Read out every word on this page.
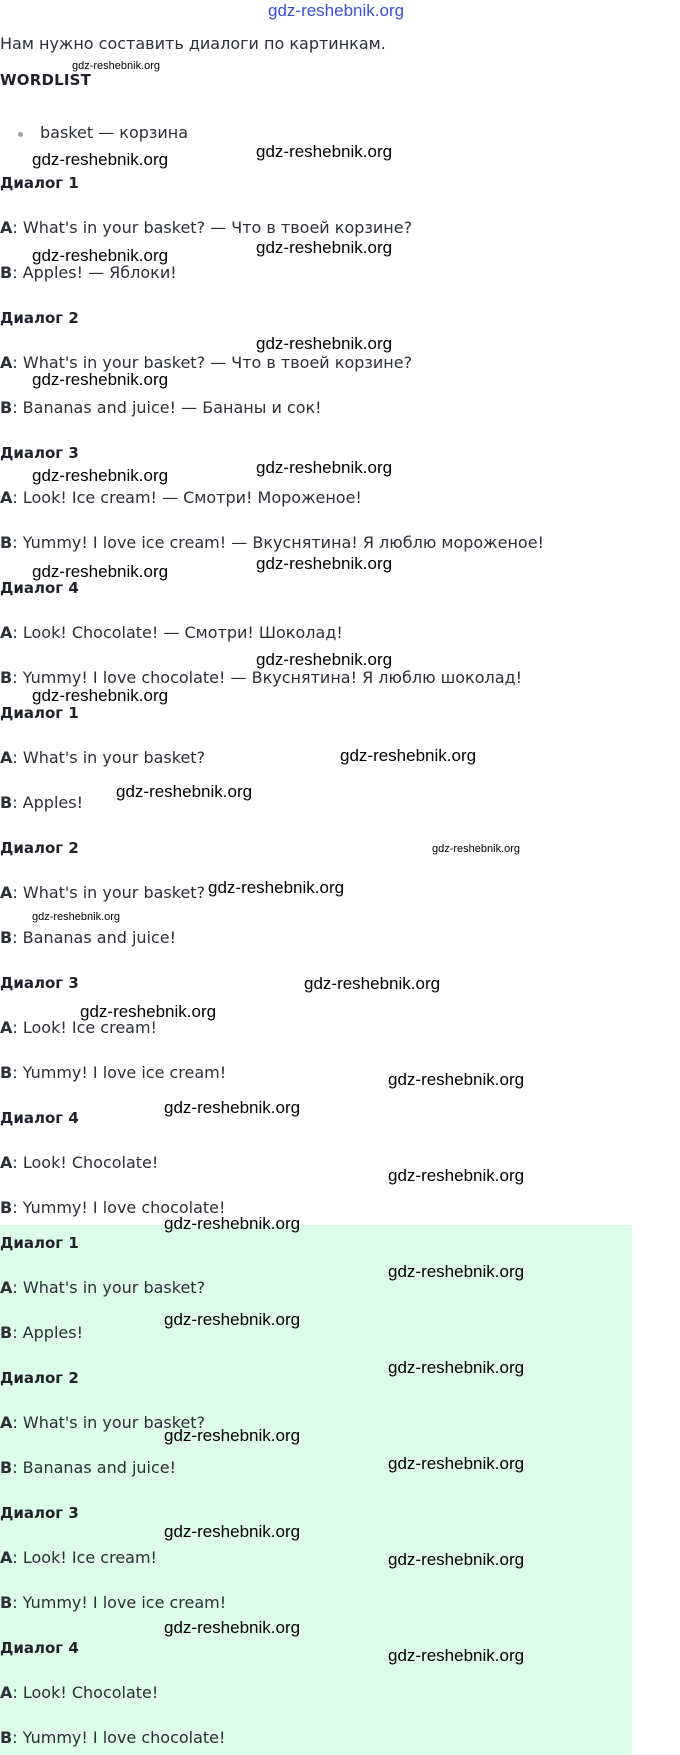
gdz-reshebnik.org
Нам нужно составить диалоги по картинкам.
WORDLIST
basket — корзина
Диалог 1
A: What's in your basket? — Что в твоей корзине?
B: Apples! — Яблоки!
Диалог 2
A: What's in your basket? — Что в твоей корзине?
B: Bananas and juice! — Бананы и сок!
Диалог 3
A: Look! Ice cream! — Смотри! Мороженое!
B: Yummy! I love ice cream! — Вкуснятина! Я люблю мороженое!
Диалог 4
A: Look! Chocolate! — Смотри! Шоколад!
B: Yummy! I love chocolate! — Вкуснятина! Я люблю шоколад!
Диалог 1
A: What's in your basket?
B: Apples!
Диалог 2
A: What's in your basket?
B: Bananas and juice!
Диалог 3
A: Look! Ice cream!
B: Yummy! I love ice cream!
Диалог 4
A: Look! Chocolate!
B: Yummy! I love chocolate!
Диалог 1
A: What's in your basket?
B: Apples!
Диалог 2
A: What's in your basket?
B: Bananas and juice!
Диалог 3
A: Look! Ice cream!
B: Yummy! I love ice cream!
Диалог 4
A: Look! Chocolate!
B: Yummy! I love chocolate!
gdz-reshebnik.org
gdz-reshebnik.org	gdz-reshebnik.org
gdz-reshebnik.org
gdz-reshebnik.org
gdz-reshebnik.org
gdz-reshebnik.org
gdz-reshebnik.org
gdz-reshebnik.org
gdz-reshebnik.org
gdz-reshebnik.org
gdz-reshebnik.org
gdz-reshebnik.org
gdz-reshebnik.org
gdz-reshebnik.org
gdz-reshebnik.org
gdz-reshebnik.org
gdz-reshebnik.org
gdz-reshebnik.org
gdz-reshebnik.org
gdz-reshebnik.org
gdz-reshebnik.org
gdz-reshebnik.org
gdz-reshebnik.org
gdz-reshebnik.org
gdz-reshebnik.org
gdz-reshebnik.org
gdz-reshebnik.org
gdz-reshebnik.org
gdz-reshebnik.org
gdz-reshebnik.org
gdz-reshebnik.org
gdz-reshebnik.org
